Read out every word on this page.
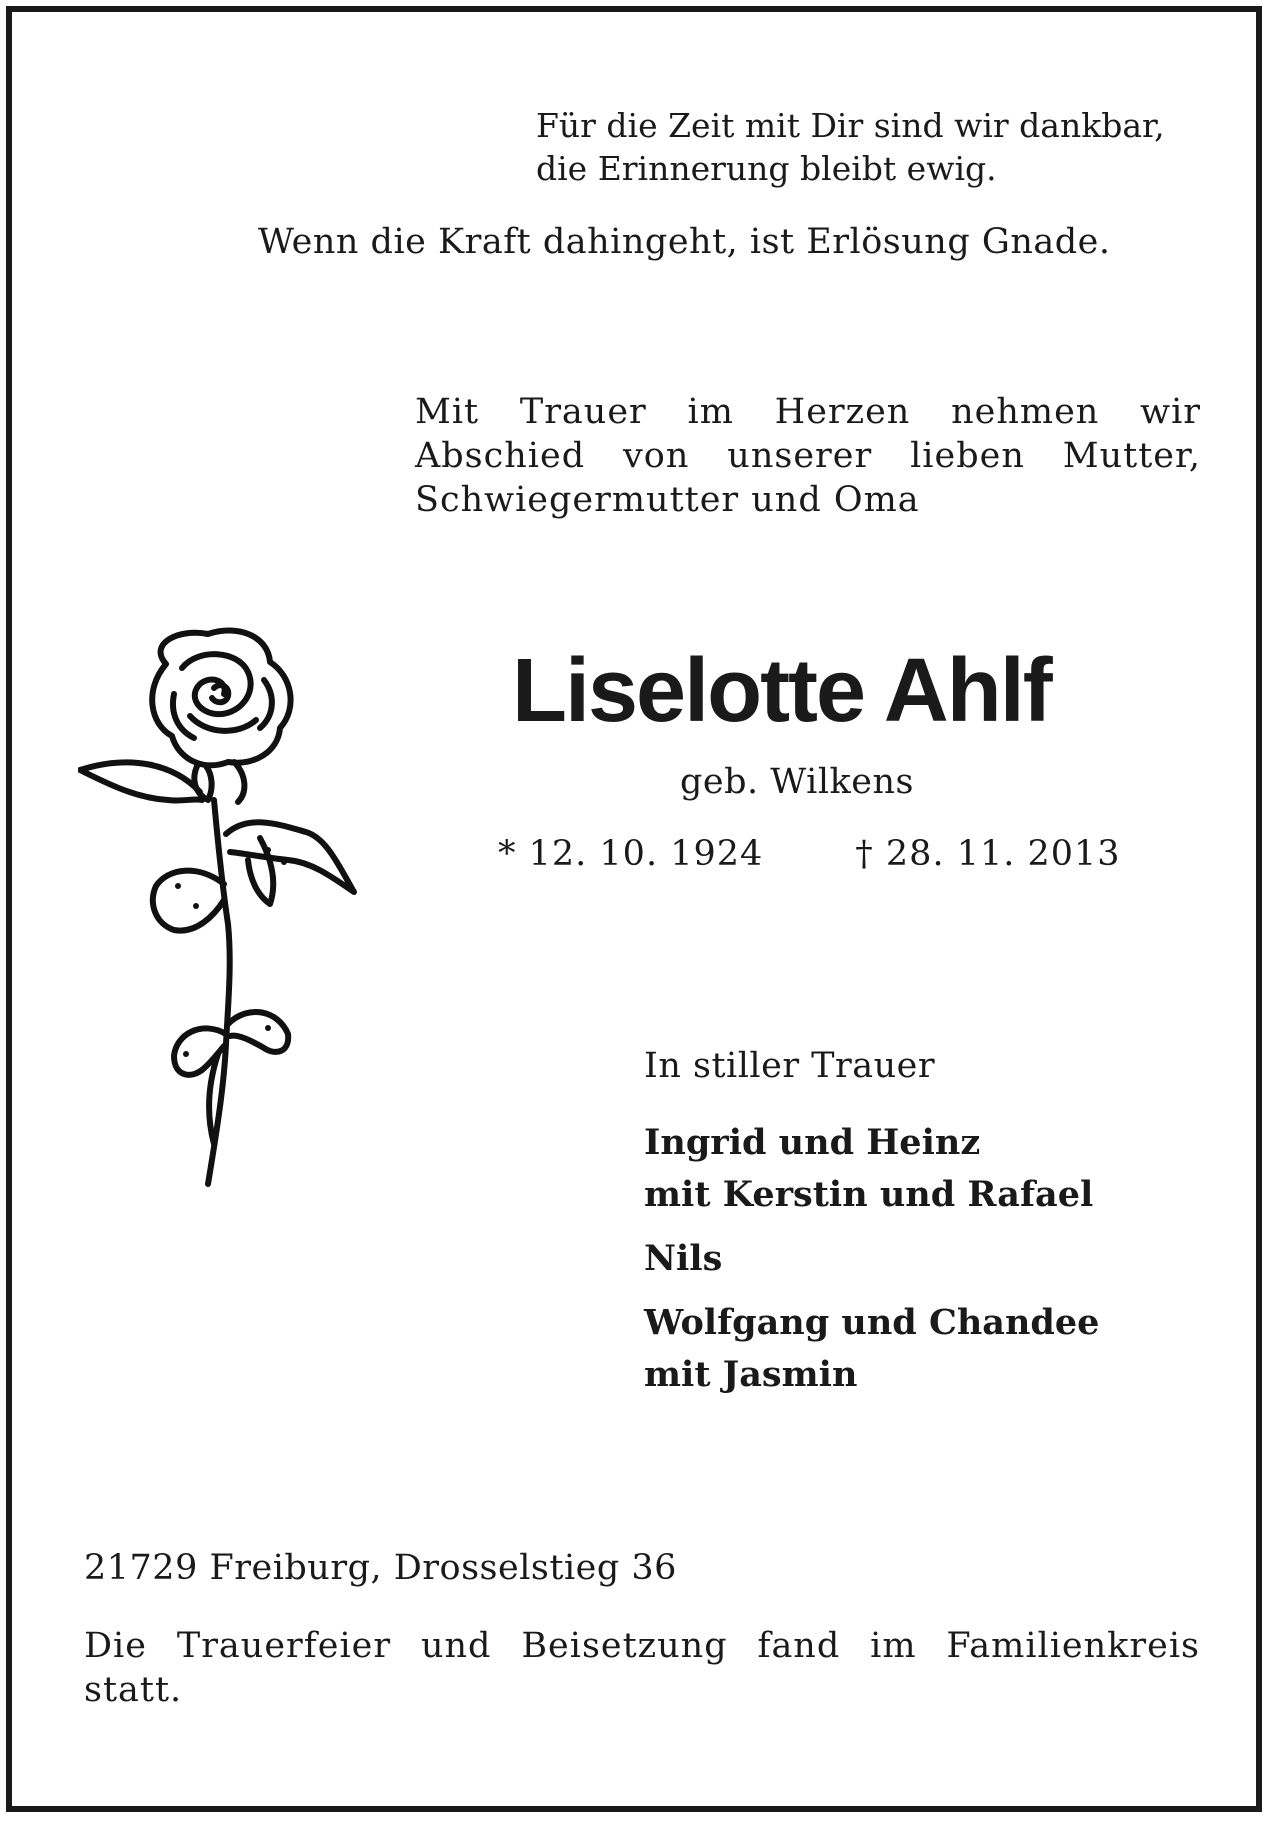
Für die Zeit mit Dir sind wir dankbar,
die Erinnerung bleibt ewig.
Wenn die Kraft dahingeht, ist Erlösung Gnade.
Mit Trauer im Herzen nehmen wir
Abschied von unserer lieben Mutter,
Schwiegermutter und Oma
Liselotte Ahlf
geb. Wilkens
* 12. 10. 1924	† 28. 11. 2013
In stiller Trauer
Ingrid und Heinz
mit Kerstin und Rafael
Nils
Wolfgang und Chandee
mit Jasmin
21729 Freiburg, Drosselstieg 36
Die Trauerfeier und Beisetzung fand im Familienkreis
statt.
